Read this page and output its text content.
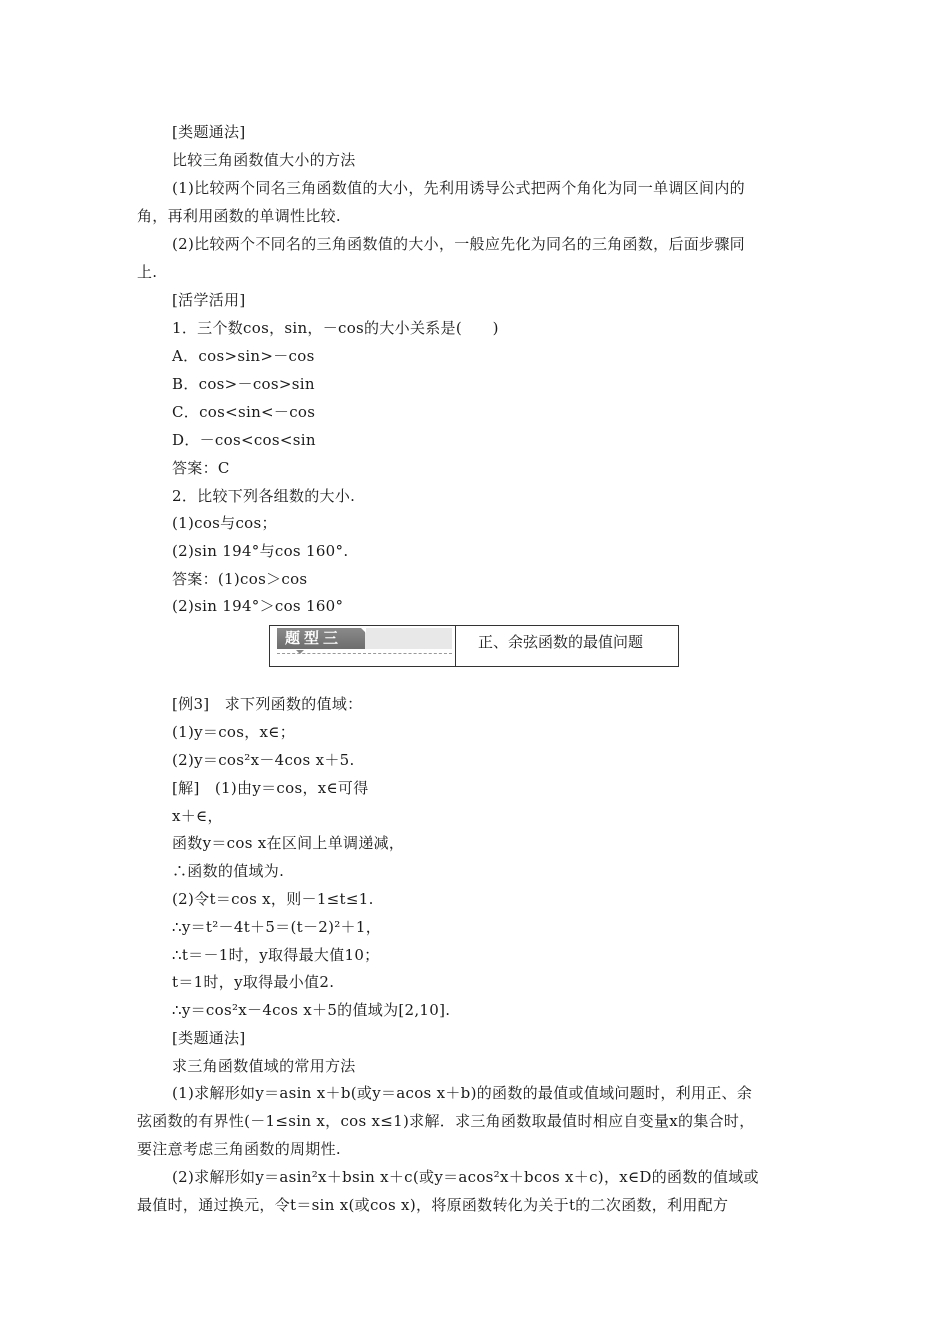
[类题通法]
比较三角函数值大小的方法
(1)比较两个同名三角函数值的大小，先利用诱导公式把两个角化为同一单调区间内的
角，再利用函数的单调性比较.
(2)比较两个不同名的三角函数值的大小，一般应先化为同名的三角函数，后面步骤同
上.
[活学活用]
1．三个数cos，sin，－cos的大小关系是(　　)
A．cos>sin>－cos
B．cos>－cos>sin
C．cos<sin<－cos
D．－cos<cos<sin
答案：C
2．比较下列各组数的大小.
(1)cos与cos；
(2)sin 194°与cos 160°.
答案：(1)cos＞cos
(2)sin 194°＞cos 160°
题型三	正、余弦函数的最值问题
[例3]　求下列函数的值域：
(1)y＝cos，x∈；
(2)y＝cos²x－4cos x＋5.
[解]　(1)由y＝cos，x∈可得
x＋∈，
函数y＝cos x在区间上单调递减，
∴函数的值域为.
(2)令t＝cos x，则－1≤t≤1.
∴y＝t²－4t＋5＝(t－2)²＋1，
∴t＝－1时，y取得最大值10；
t＝1时，y取得最小值2.
∴y＝cos²x－4cos x＋5的值域为[2,10].
[类题通法]
求三角函数值域的常用方法
(1)求解形如y＝asin x＋b(或y＝acos x＋b)的函数的最值或值域问题时，利用正、余
弦函数的有界性(－1≤sin x，cos x≤1)求解．求三角函数取最值时相应自变量x的集合时，
要注意考虑三角函数的周期性.
(2)求解形如y＝asin²x＋bsin x＋c(或y＝acos²x＋bcos x＋c)，x∈D的函数的值域或
最值时，通过换元，令t＝sin x(或cos x)，将原函数转化为关于t的二次函数，利用配方
